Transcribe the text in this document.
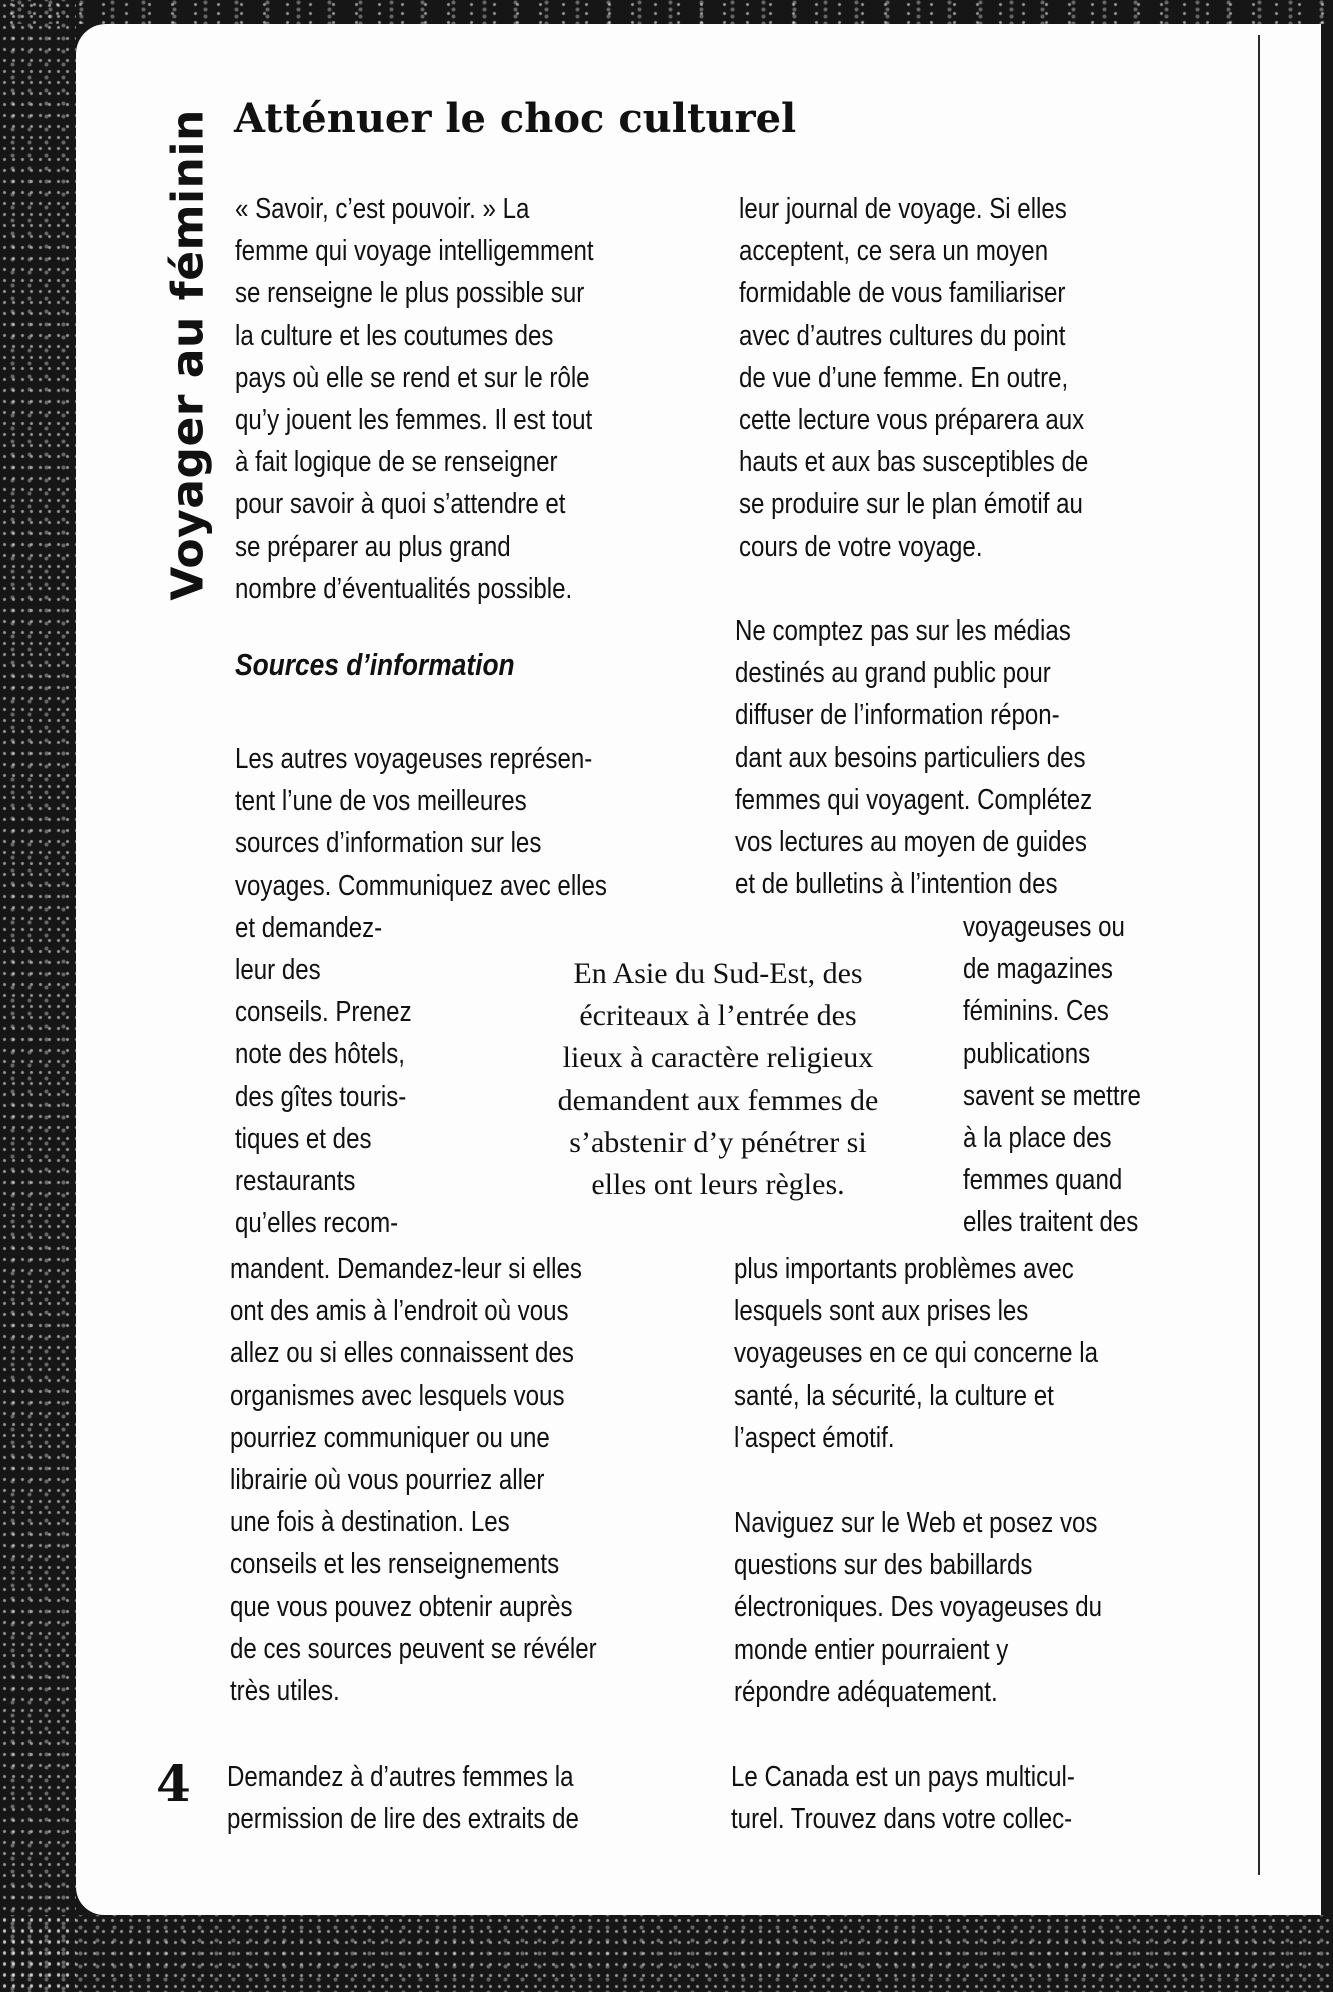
Voyager au féminin
4
Atténuer le choc culturel

« Savoir, c’est pouvoir. » La
femme qui voyage intelligemment
se renseigne le plus possible sur
la culture et les coutumes des
pays où elle se rend et sur le rôle
qu’y jouent les femmes. Il est tout
à fait logique de se renseigner
pour savoir à quoi s’attendre et
se préparer au plus grand
nombre d’éventualités possible.

Sources d’information

Les autres voyageuses représen-
tent l’une de vos meilleures
sources d’information sur les
voyages. Communiquez avec elles
et demandez-
leur des
conseils. Prenez
note des hôtels,
des gîtes touris-
tiques et des
restaurants
qu’elles recom-

mandent. Demandez-leur si elles
ont des amis à l’endroit où vous
allez ou si elles connaissent des
organismes avec lesquels vous
pourriez communiquer ou une
librairie où vous pourriez aller
une fois à destination. Les
conseils et les renseignements
que vous pouvez obtenir auprès
de ces sources peuvent se révéler
très utiles.

Demandez à d’autres femmes la
permission de lire des extraits de

leur journal de voyage. Si elles
acceptent, ce sera un moyen
formidable de vous familiariser
avec d’autres cultures du point
de vue d’une femme. En outre,
cette lecture vous préparera aux
hauts et aux bas susceptibles de
se produire sur le plan émotif au
cours de votre voyage.

Ne comptez pas sur les médias
destinés au grand public pour
diffuser de l’information répon-
dant aux besoins particuliers des
femmes qui voyagent. Complétez
vos lectures au moyen de guides
et de bulletins à l’intention des

voyageuses ou
de magazines
féminins. Ces
publications
savent se mettre
à la place des
femmes quand
elles traitent des

plus importants problèmes avec
lesquels sont aux prises les
voyageuses en ce qui concerne la
santé, la sécurité, la culture et
l’aspect émotif.

Naviguez sur le Web et posez vos
questions sur des babillards
électroniques. Des voyageuses du
monde entier pourraient y
répondre adéquatement.

Le Canada est un pays multicul-
turel. Trouvez dans votre collec-

En Asie du Sud-Est, des
écriteaux à l’entrée des
lieux à caractère religieux
demandent aux femmes de
s’abstenir d’y pénétrer si
elles ont leurs règles.
